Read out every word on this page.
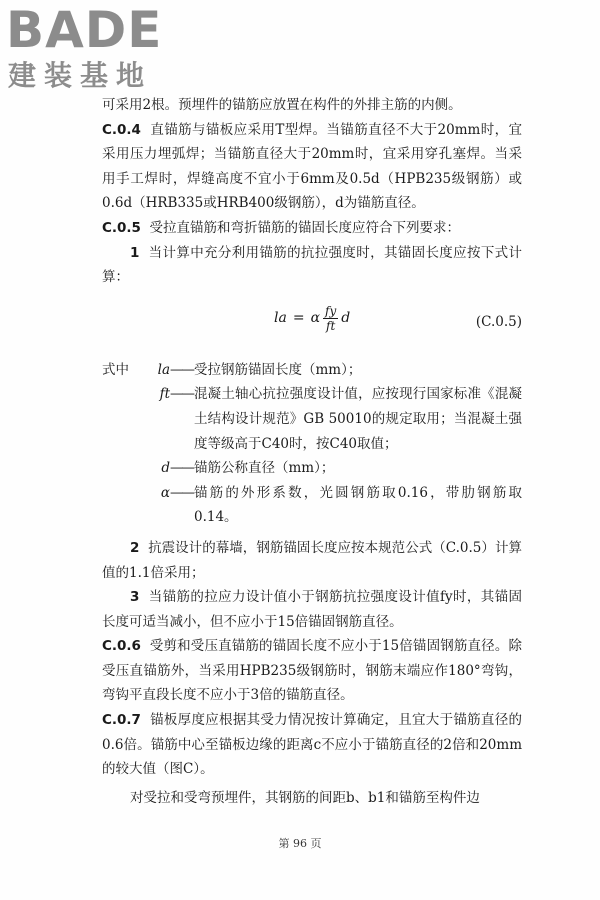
BADE
建装基地

可采用2根。预埋件的锚筋应放置在构件的外排主筋的内侧。

C.0.4 直锚筋与锚板应采用T型焊。当锚筋直径不大于20mm时，宜采用压力埋弧焊；当锚筋直径大于20mm时，宜采用穿孔塞焊。当采用手工焊时，焊缝高度不宜小于6mm及0.5d（HPB235级钢筋）或0.6d（HRB335或HRB400级钢筋），d为锚筋直径。

C.0.5 受拉直锚筋和弯折锚筋的锚固长度应符合下列要求：

1 当计算中充分利用锚筋的抗拉强度时，其锚固长度应按下式计算：

la = α $\frac{fy}{ft}$ d	(C.0.5)
式中	la —— 受拉钢筋锚固长度（mm）；
ft —— 混凝土轴心抗拉强度设计值，应按现行国家标准《混凝土结构设计规范》GB 50010的规定取用；当混凝土强度等级高于C40时，按C40取值；
d —— 锚筋公称直径（mm）；
α —— 锚筋的外形系数，光圆钢筋取0.16，带肋钢筋取0.14。

2 抗震设计的幕墙，钢筋锚固长度应按本规范公式（C.0.5）计算值的1.1倍采用；

3 当锚筋的拉应力设计值小于钢筋抗拉强度设计值fy时，其锚固长度可适当减小，但不应小于15倍锚固钢筋直径。

C.0.6 受剪和受压直锚筋的锚固长度不应小于15倍锚固钢筋直径。除受压直锚筋外，当采用HPB235级钢筋时，钢筋末端应作180°弯钩，弯钩平直段长度不应小于3倍的锚筋直径。

C.0.7 锚板厚度应根据其受力情况按计算确定，且宜大于锚筋直径的0.6倍。锚筋中心至锚板边缘的距离c不应小于锚筋直径的2倍和20mm的较大值（图C）。

对受拉和受弯预埋件，其钢筋的间距b、b1和锚筋至构件边

第 96 页
